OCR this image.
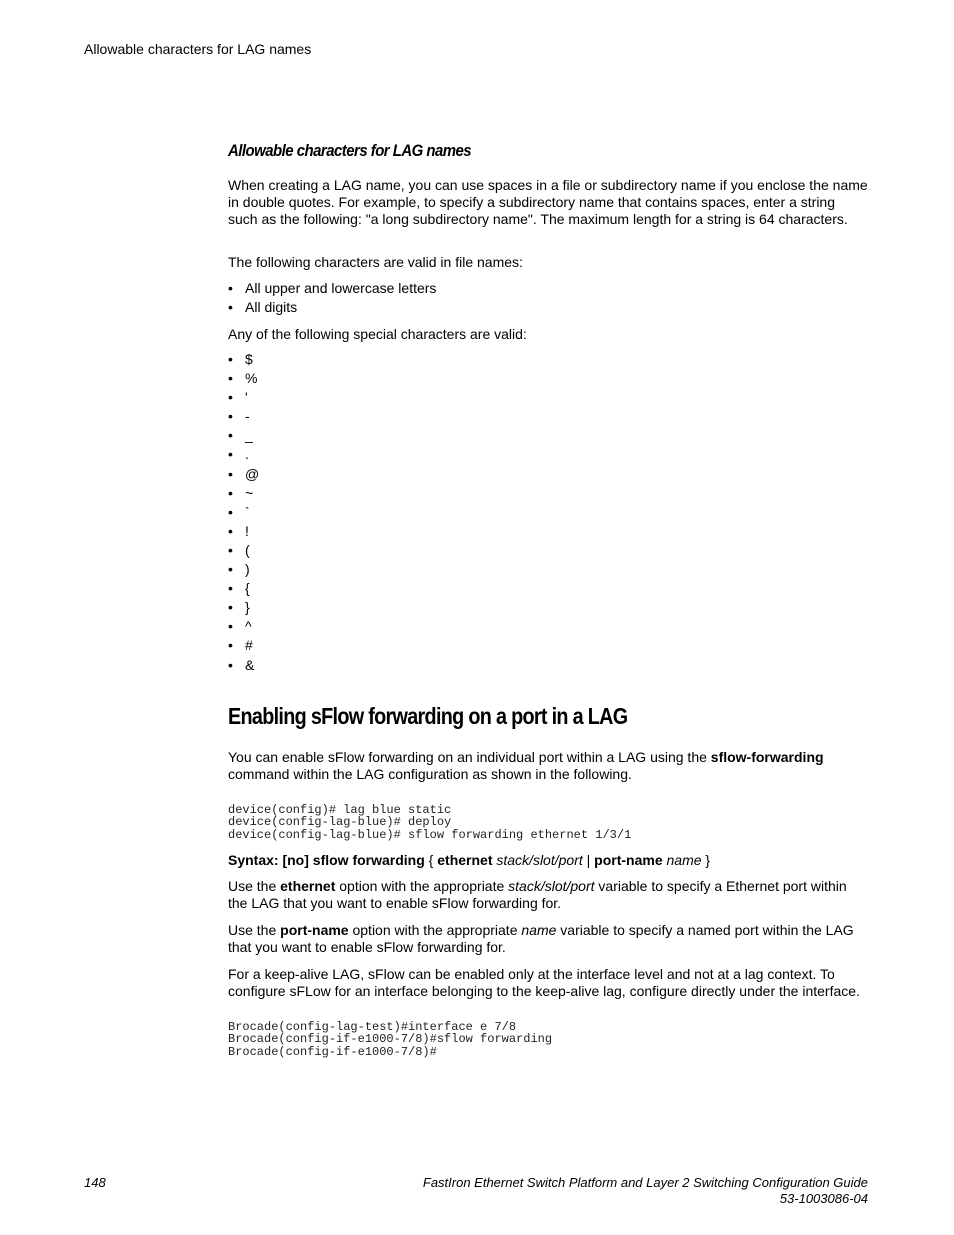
Allowable characters for LAG names
Allowable characters for LAG names

When creating a LAG name, you can use spaces in a file or subdirectory name if you enclose the name in double quotes. For example, to specify a subdirectory name that contains spaces, enter a string such as the following: "a long subdirectory name". The maximum length for a string is 64 characters.

The following characters are valid in file names:

• All upper and lowercase letters
• All digits

Any of the following special characters are valid:

• $
• %
• '
• -
• _
• .
• @
• ~
• `
• !
• (
• )
• {
• }
• ^
• #
• &
Enabling sFlow forwarding on a port in a LAG

You can enable sFlow forwarding on an individual port within a LAG using the sflow-forwarding command within the LAG configuration as shown in the following.

device(config)# lag blue static
device(config-lag-blue)# deploy
device(config-lag-blue)# sflow forwarding ethernet 1/3/1

Syntax: [no] sflow forwarding { ethernet stack/slot/port | port-name name }

Use the ethernet option with the appropriate stack/slot/port variable to specify a Ethernet port within the LAG that you want to enable sFlow forwarding for.

Use the port-name option with the appropriate name variable to specify a named port within the LAG that you want to enable sFlow forwarding for.

For a keep-alive LAG, sFlow can be enabled only at the interface level and not at a lag context. To configure sFLow for an interface belonging to the keep-alive lag, configure directly under the interface.

Brocade(config-lag-test)#interface e 7/8
Brocade(config-if-e1000-7/8)#sflow forwarding
Brocade(config-if-e1000-7/8)#
148	FastIron Ethernet Switch Platform and Layer 2 Switching Configuration Guide
53-1003086-04
